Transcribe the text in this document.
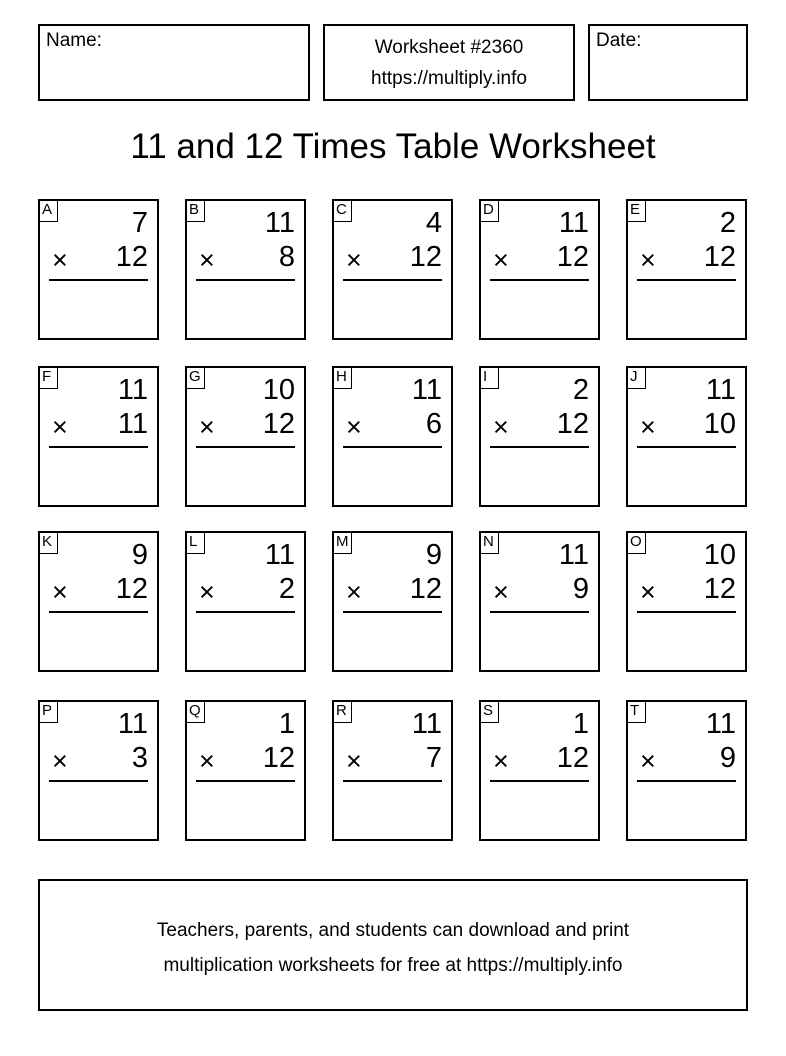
Name:	Worksheet #2360
https://multiply.info
Date:
11 and 12 Times Table Worksheet
A	7
× 12
B 11
× 8
C	4
× 12
D 11
× 12
E	2
× 12
F 11
× 11
G 10
× 12
H 11
× 6
I	2
× 12
J 11
× 10
K	9
× 12
L 11
× 2
M	9
× 12
N 11
× 9
O 10
× 12
P 11
× 3
Q	1
× 12
R 11
× 7
S	1
× 12
T 11
× 9
Teachers, parents, and students can download and print
multiplication worksheets for free at https://multiply.info
